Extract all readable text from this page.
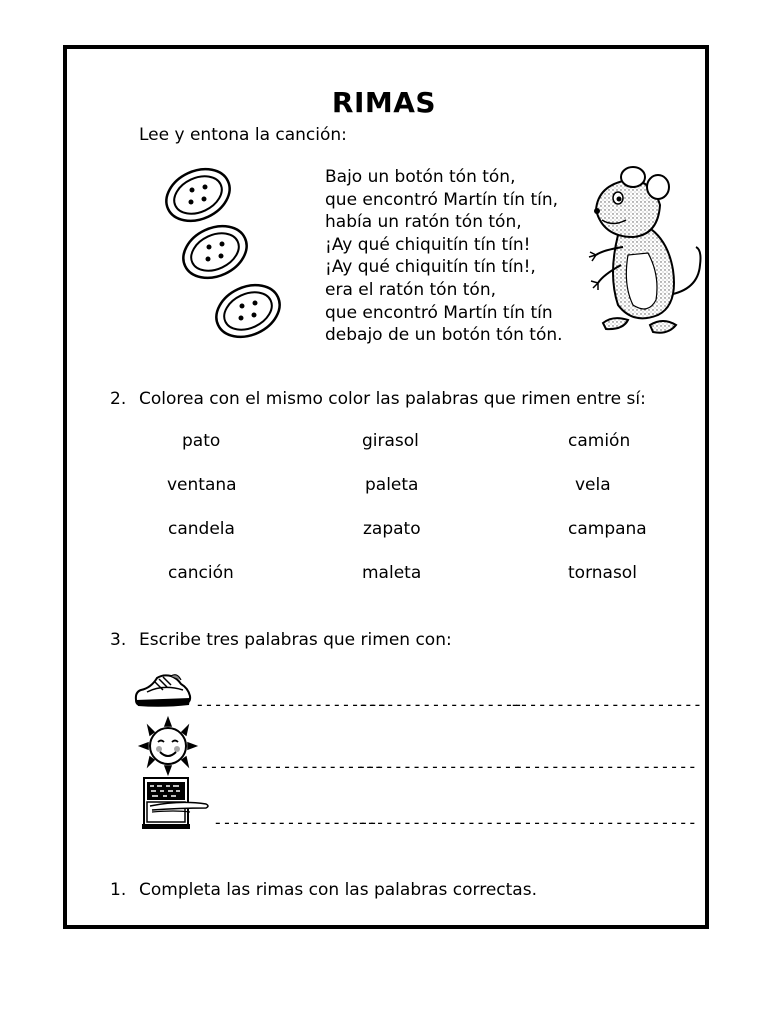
RIMAS
Lee y entona la canción:
Bajo un botón tón tón,
que encontró Martín tín tín,
había un ratón tón tón,
¡Ay qué chiquitín tín tín!
¡Ay qué chiquitín tín tín!,
era el ratón tón tón,
que encontró Martín tín tín
debajo de un botón tón tón.
2. Colorea con el mismo color las palabras que rimen entre sí:
pato	girasol	camión
ventana	paleta	vela
candela	zapato	campana
canción	maleta	tornasol
3. Escribe tres palabras que rimen con:
---------------------
------------------
---------------------
--------------------
------------------
--------------------
------------------
------------------
--------------------
1. Completa las rimas con las palabras correctas.
